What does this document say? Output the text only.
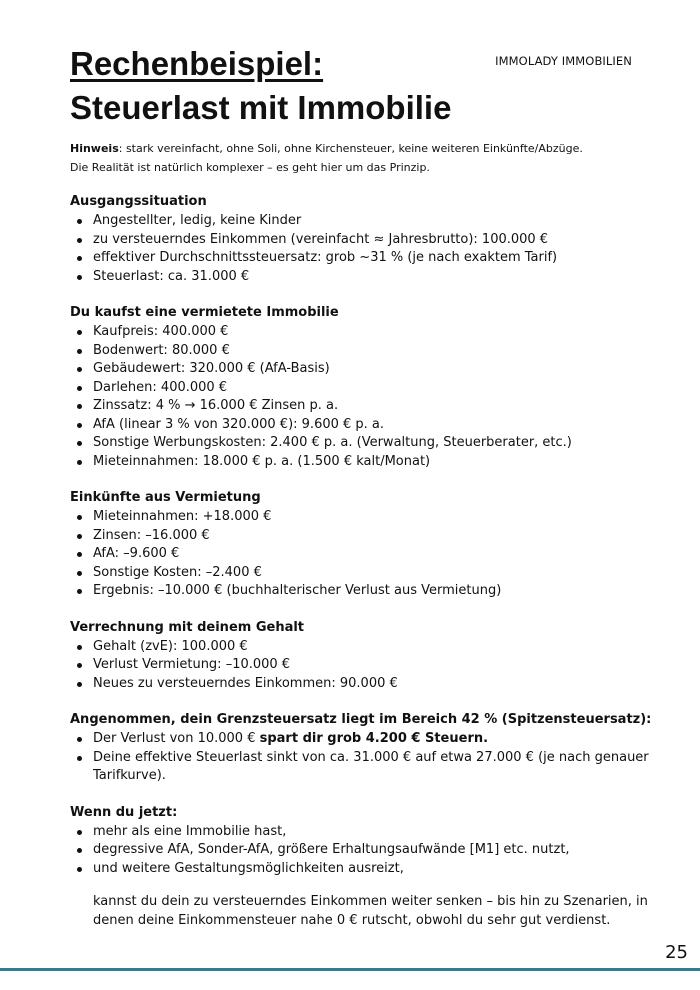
IMMOLADY IMMOBILIEN
Rechenbeispiel:
Steuerlast mit Immobilie
Hinweis: stark vereinfacht, ohne Soli, ohne Kirchensteuer, keine weiteren Einkünfte/Abzüge.
Die Realität ist natürlich komplexer – es geht hier um das Prinzip.
Ausgangssituation
Angestellter, ledig, keine Kinder
zu versteuerndes Einkommen (vereinfacht ≈ Jahresbrutto): 100.000 €
effektiver Durchschnittssteuersatz: grob ~31 % (je nach exaktem Tarif)
Steuerlast: ca. 31.000 €
Du kaufst eine vermietete Immobilie
Kaufpreis: 400.000 €
Bodenwert: 80.000 €
Gebäudewert: 320.000 € (AfA-Basis)
Darlehen: 400.000 €
Zinssatz: 4 % → 16.000 € Zinsen p. a.
AfA (linear 3 % von 320.000 €): 9.600 € p. a.
Sonstige Werbungskosten: 2.400 € p. a. (Verwaltung, Steuerberater, etc.)
Mieteinnahmen: 18.000 € p. a. (1.500 € kalt/Monat)
Einkünfte aus Vermietung
Mieteinnahmen: +18.000 €
Zinsen: –16.000 €
AfA: –9.600 €
Sonstige Kosten: –2.400 €
Ergebnis: –10.000 € (buchhalterischer Verlust aus Vermietung)
Verrechnung mit deinem Gehalt
Gehalt (zvE): 100.000 €
Verlust Vermietung: –10.000 €
Neues zu versteuerndes Einkommen: 90.000 €
Angenommen, dein Grenzsteuersatz liegt im Bereich 42 % (Spitzensteuersatz):
Der Verlust von 10.000 € spart dir grob 4.200 € Steuern.
Deine effektive Steuerlast sinkt von ca. 31.000 € auf etwa 27.000 € (je nach genauer Tarifkurve).
Wenn du jetzt:
mehr als eine Immobilie hast,
degressive AfA, Sonder-AfA, größere Erhaltungsaufwände [M1] etc. nutzt,
und weitere Gestaltungsmöglichkeiten ausreizt,

kannst du dein zu versteuerndes Einkommen weiter senken – bis hin zu Szenarien, in denen deine Einkommensteuer nahe 0 € rutscht, obwohl du sehr gut verdienst.

25
